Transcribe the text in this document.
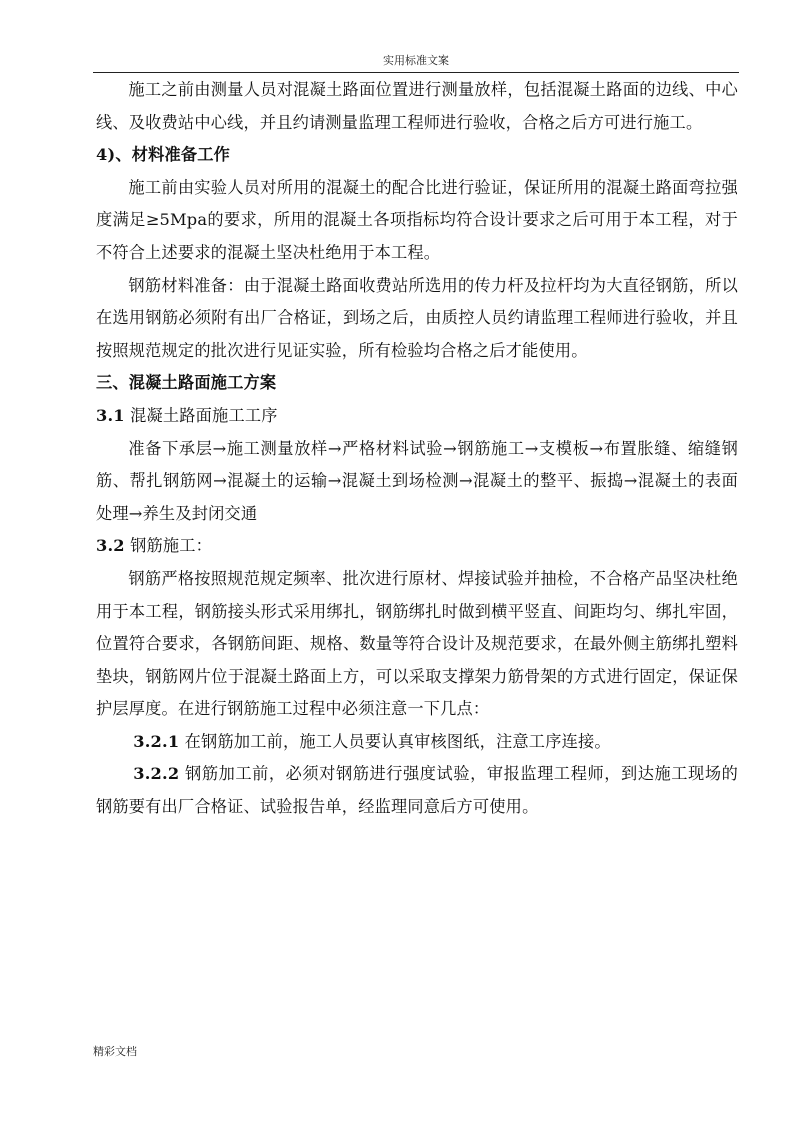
实用标准文案

施工之前由测量人员对混凝土路面位置进行测量放样，包括混凝土路面的边线、中心线、及收费站中心线，并且约请测量监理工程师进行验收，合格之后方可进行施工。

4)、材料准备工作

施工前由实验人员对所用的混凝土的配合比进行验证，保证所用的混凝土路面弯拉强度满足≥5Mpa的要求，所用的混凝土各项指标均符合设计要求之后可用于本工程，对于不符合上述要求的混凝土坚决杜绝用于本工程。

钢筋材料准备：由于混凝土路面收费站所选用的传力杆及拉杆均为大直径钢筋，所以在选用钢筋必须附有出厂合格证，到场之后，由质控人员约请监理工程师进行验收，并且按照规范规定的批次进行见证实验，所有检验均合格之后才能使用。

三、混凝土路面施工方案

3.1 混凝土路面施工工序

准备下承层→施工测量放样→严格材料试验→钢筋施工→支模板→布置胀缝、缩缝钢筋、帮扎钢筋网→混凝土的运输→混凝土到场检测→混凝土的整平、振捣→混凝土的表面处理→养生及封闭交通

3.2 钢筋施工：

钢筋严格按照规范规定频率、批次进行原材、焊接试验并抽检，不合格产品坚决杜绝用于本工程，钢筋接头形式采用绑扎，钢筋绑扎时做到横平竖直、间距均匀、绑扎牢固，位置符合要求，各钢筋间距、规格、数量等符合设计及规范要求，在最外侧主筋绑扎塑料垫块，钢筋网片位于混凝土路面上方，可以采取支撑架力筋骨架的方式进行固定，保证保护层厚度。在进行钢筋施工过程中必须注意一下几点：

3.2.1 在钢筋加工前，施工人员要认真审核图纸，注意工序连接。

3.2.2 钢筋加工前，必须对钢筋进行强度试验，审报监理工程师，到达施工现场的钢筋要有出厂合格证、试验报告单，经监理同意后方可使用。

精彩文档
